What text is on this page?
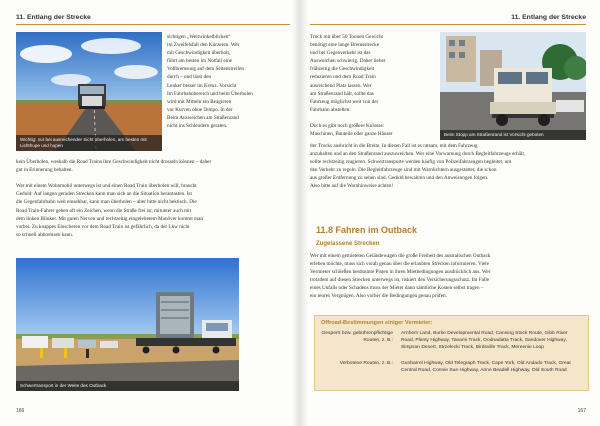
11. Entlang der Strecke
Wichtig: nur bei ausreichender Sicht überholen, am besten mit Lichthupe und hupen

sichtigen „Weitwinkelblicken“

im Zweifelsfall den Kürzeren. Wer

mit Geschwindigkeit überholt,

führt am besten im Notfall eine

Vollbremsung auf dem Seitenstreifen

durch – und lässt den

Lenker besser im Kreuz. Vorsicht

Im Fahrbahnbereich und beim Überholen

wird mit Mitteln ein Reagieren

vor Kurven ohne Tempo. In der

Beim Ausweichen am Straßenrand

nicht ins Schleudern geraten.

kein Überholen, weshalb die Road Trains ihre Geschwindigkeit nicht drosseln können – daher

gut in Erinnerung behalten.

Wer mit einem Wohnmobil unterwegs ist und einen Road Train überholen will, braucht

Geduld: Auf langen geraden Strecken kann man sich an die Situation herantasten. Ist

die Gegenfahrbahn weit einsehbar, kann man überholen – aber bitte nicht hektisch. Die

Road Train-Fahrer geben oft ein Zeichen, wenn die Straße frei ist, mitunter auch mit

dem linken Blinker. Mit guten Nerven und rechtzeitig eingeleitetem Manöver kommt man

vorbei. Zu knappes Einscheren vor dem Road Train ist gefährlich, da der Lkw nicht

so schnell abbremsen kann.

Schwertransport in der Weite des Outback
166
11. Entlang der Strecke

Truck mit über 50 Tonnen Gewicht

benötigt eine lange Bremsstrecke

und bei Gegenverkehr ist das

Ausweichen schwierig. Daher lieber

frühzeitig die Geschwindigkeit

reduzieren und dem Road Train

ausreichend Platz lassen. Wer

am Straßenrand hält, sollte das

Fahrzeug möglichst weit von der

Fahrbahn abstellen.

Doch es gibt noch größere Kolosse:

Maschinen, Bauteile oder ganze Häuser	Beim Stopp am Straßenrand ist Vorsicht geboten

der Trucks ausbricht in die Breite. In diesen Fall ist es ratsam, mit dem Fahrzeug

anzuhalten und an den Straßenrand auszuweichen. Wer eine Vorwarnung durch Begleitfahrzeuge erhält,

sollte rechtzeitig reagieren. Schwertransporte werden häufig von Polizeifahrzeugen begleitet, um

den Verkehr zu regeln. Die Begleitfahrzeuge sind mit Warnlichtern ausgestattet, die schon

aus großer Entfernung zu sehen sind. Geduld bewahren und den Anweisungen folgen.

Also bitte auf die Warnhinweise achten!

11.8 Fahren im Outback
Zugelassene Strecken

Wer mit einem gemieteten Geländewagen die große Freiheit des australischen Outback

erleben möchte, muss sich vorab genau über die erlaubten Strecken informieren. Viele

Vermieter schließen bestimmte Pisten in ihren Mietbedingungen ausdrücklich aus. Wer

trotzdem auf diesen Strecken unterwegs ist, riskiert den Versicherungsschutz. Im Falle

eines Unfalls oder Schadens muss der Mieter dann sämtliche Kosten selbst tragen –

ein teures Vergnügen. Also vorher die Bedingungen genau prüfen.

Offroad-Bestimmungen einiger Vermieter:
Gesperrt bzw. gebührenpflichtige Routen, z. B.:
Arnhem Land, Burke Developmental Road, Canning Stock Route, Gibb River Road, Plenty Highway, Tanami Track, Oodnadatta Track, Sandover Highway, Simpson Desert, Strzelecki Track, Birdsville Track, Mereenie Loop
Verbotene Routen, z. B.: Gunbarrel Highway, Old Telegraph Track, Cape York, Old Andado Track, Great Central Road, Connie Sue Highway, Anne Beadell Highway, Old South Road
167
